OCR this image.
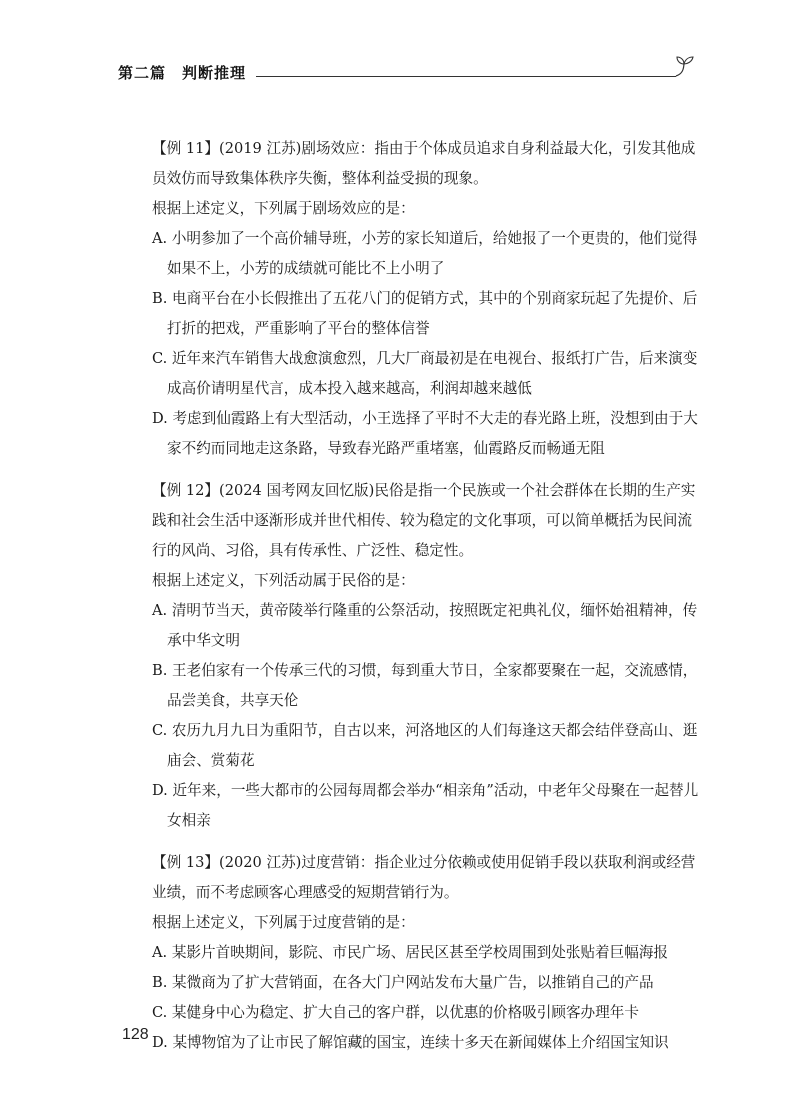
第二篇　判断推理

【例 11】(2019 江苏)剧场效应：指由于个体成员追求自身利益最大化，引发其他成员效仿而导致集体秩序失衡，整体利益受损的现象。

根据上述定义，下列属于剧场效应的是：

A. 小明参加了一个高价辅导班，小芳的家长知道后，给她报了一个更贵的，他们觉得如果不上，小芳的成绩就可能比不上小明了

B. 电商平台在小长假推出了五花八门的促销方式，其中的个别商家玩起了先提价、后打折的把戏，严重影响了平台的整体信誉

C. 近年来汽车销售大战愈演愈烈，几大厂商最初是在电视台、报纸打广告，后来演变成高价请明星代言，成本投入越来越高，利润却越来越低

D. 考虑到仙霞路上有大型活动，小王选择了平时不大走的春光路上班，没想到由于大家不约而同地走这条路，导致春光路严重堵塞，仙霞路反而畅通无阻

【例 12】(2024 国考网友回忆版)民俗是指一个民族或一个社会群体在长期的生产实践和社会生活中逐渐形成并世代相传、较为稳定的文化事项，可以简单概括为民间流行的风尚、习俗，具有传承性、广泛性、稳定性。

根据上述定义，下列活动属于民俗的是：

A. 清明节当天，黄帝陵举行隆重的公祭活动，按照既定祀典礼仪，缅怀始祖精神，传承中华文明

B. 王老伯家有一个传承三代的习惯，每到重大节日，全家都要聚在一起，交流感情，品尝美食，共享天伦

C. 农历九月九日为重阳节，自古以来，河洛地区的人们每逢这天都会结伴登高山、逛庙会、赏菊花

D. 近年来，一些大都市的公园每周都会举办“相亲角”活动，中老年父母聚在一起替儿女相亲

【例 13】(2020 江苏)过度营销：指企业过分依赖或使用促销手段以获取利润或经营业绩，而不考虑顾客心理感受的短期营销行为。

根据上述定义，下列属于过度营销的是：

A. 某影片首映期间，影院、市民广场、居民区甚至学校周围到处张贴着巨幅海报

B. 某微商为了扩大营销面，在各大门户网站发布大量广告，以推销自己的产品

C. 某健身中心为稳定、扩大自己的客户群，以优惠的价格吸引顾客办理年卡

D. 某博物馆为了让市民了解馆藏的国宝，连续十多天在新闻媒体上介绍国宝知识

128
